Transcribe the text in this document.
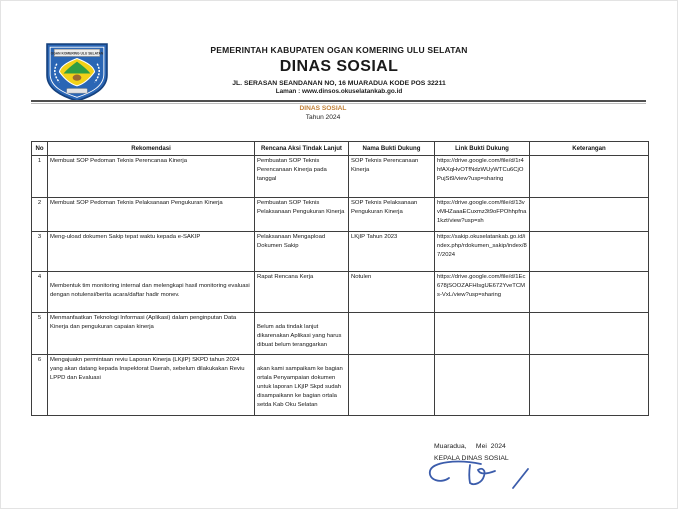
OGAN KOMERING ULU SELATAN	PEMERINTAH KABUPATEN OGAN KOMERING ULU SELATAN
DINAS SOSIAL
JL. SERASAN SEANDANAN NO, 16 MUARADUA KODE POS 32211
Laman : www.dinsos.okuselatankab.go.id
DINAS SOSIAL
Tahun 2024
No	Rekomendasi	Rencana Aksi Tindak Lanjut	Nama Bukti Dukung	Link Bukti Dukung	Keterangan
1	Membuat SOP Pedoman Teknis Perencanaa Kinerja	Pembuatan SOP Teknis Perencanaan Kinerja pada tanggal	SOP Teknis Perencanaan Kinerja	https://drive.google.com/file/d/1r4hfAXqHvOTfNdzWUyWTCu6CjOPujSt9/view?usp=sharing	
2	Membuat SOP Pedoman Teknis Pelaksanaan Pengukuran Kinerja	Pembuatan SOP Teknis Pelaksanaan Pengukuran Kinerja	SOP Teknis Pelaksanaan Pengukuran Kinerja	https://drive.google.com/file/d/13vvMHZaaaECuxmz3t9oFPOhhpfna1kzt/view?usp=sh	
3	Meng-uload dokumen Sakip tepat waktu kepada e-SAKIP	Pelaksanaan Mengapload Dokumen Sakip	LKjIP Tahun 2023	https://sakip.okuselatankab.go.id/index.php/rdokumen_sakip/index/87/2024	
4	Membentuk tim monitoring internal dan melengkapi hasil monitoring evaluasi dengan notulensi/berita acara/daftar hadir monev.	Rapat Rencana Kerja	Notulen	https://drive.google.com/file/d/1Ec678jSOOZAFHIsgUE672YveTCMs-VxL/view?usp=sharing	
5	Menmanfaatkan Teknologi Informasi (Aplikasi) dalam penginputan Data Kinerja dan pengukuran capaian kinerja	Belum ada tindak lanjut dikarenakan Aplikasi yang harus dibuat belum teranggarkan			
6	Mengajuakn permintaan reviu Laporan Kinerja (LKjIP) SKPD tahun 2024 yang akan datang kepada Inspektorat Daerah, sebelum dilakukakan Reviu LPPD dan Evaluasi	akan kami sampaikam ke bagian ortala Penyampaian dokumen untuk laporan LKjIP Skpd sudah disampaikann ke bagian ortala setda Kab Oku Selatan			
Muaradua,     Mei  2024
KEPALA DINAS SOSIAL
